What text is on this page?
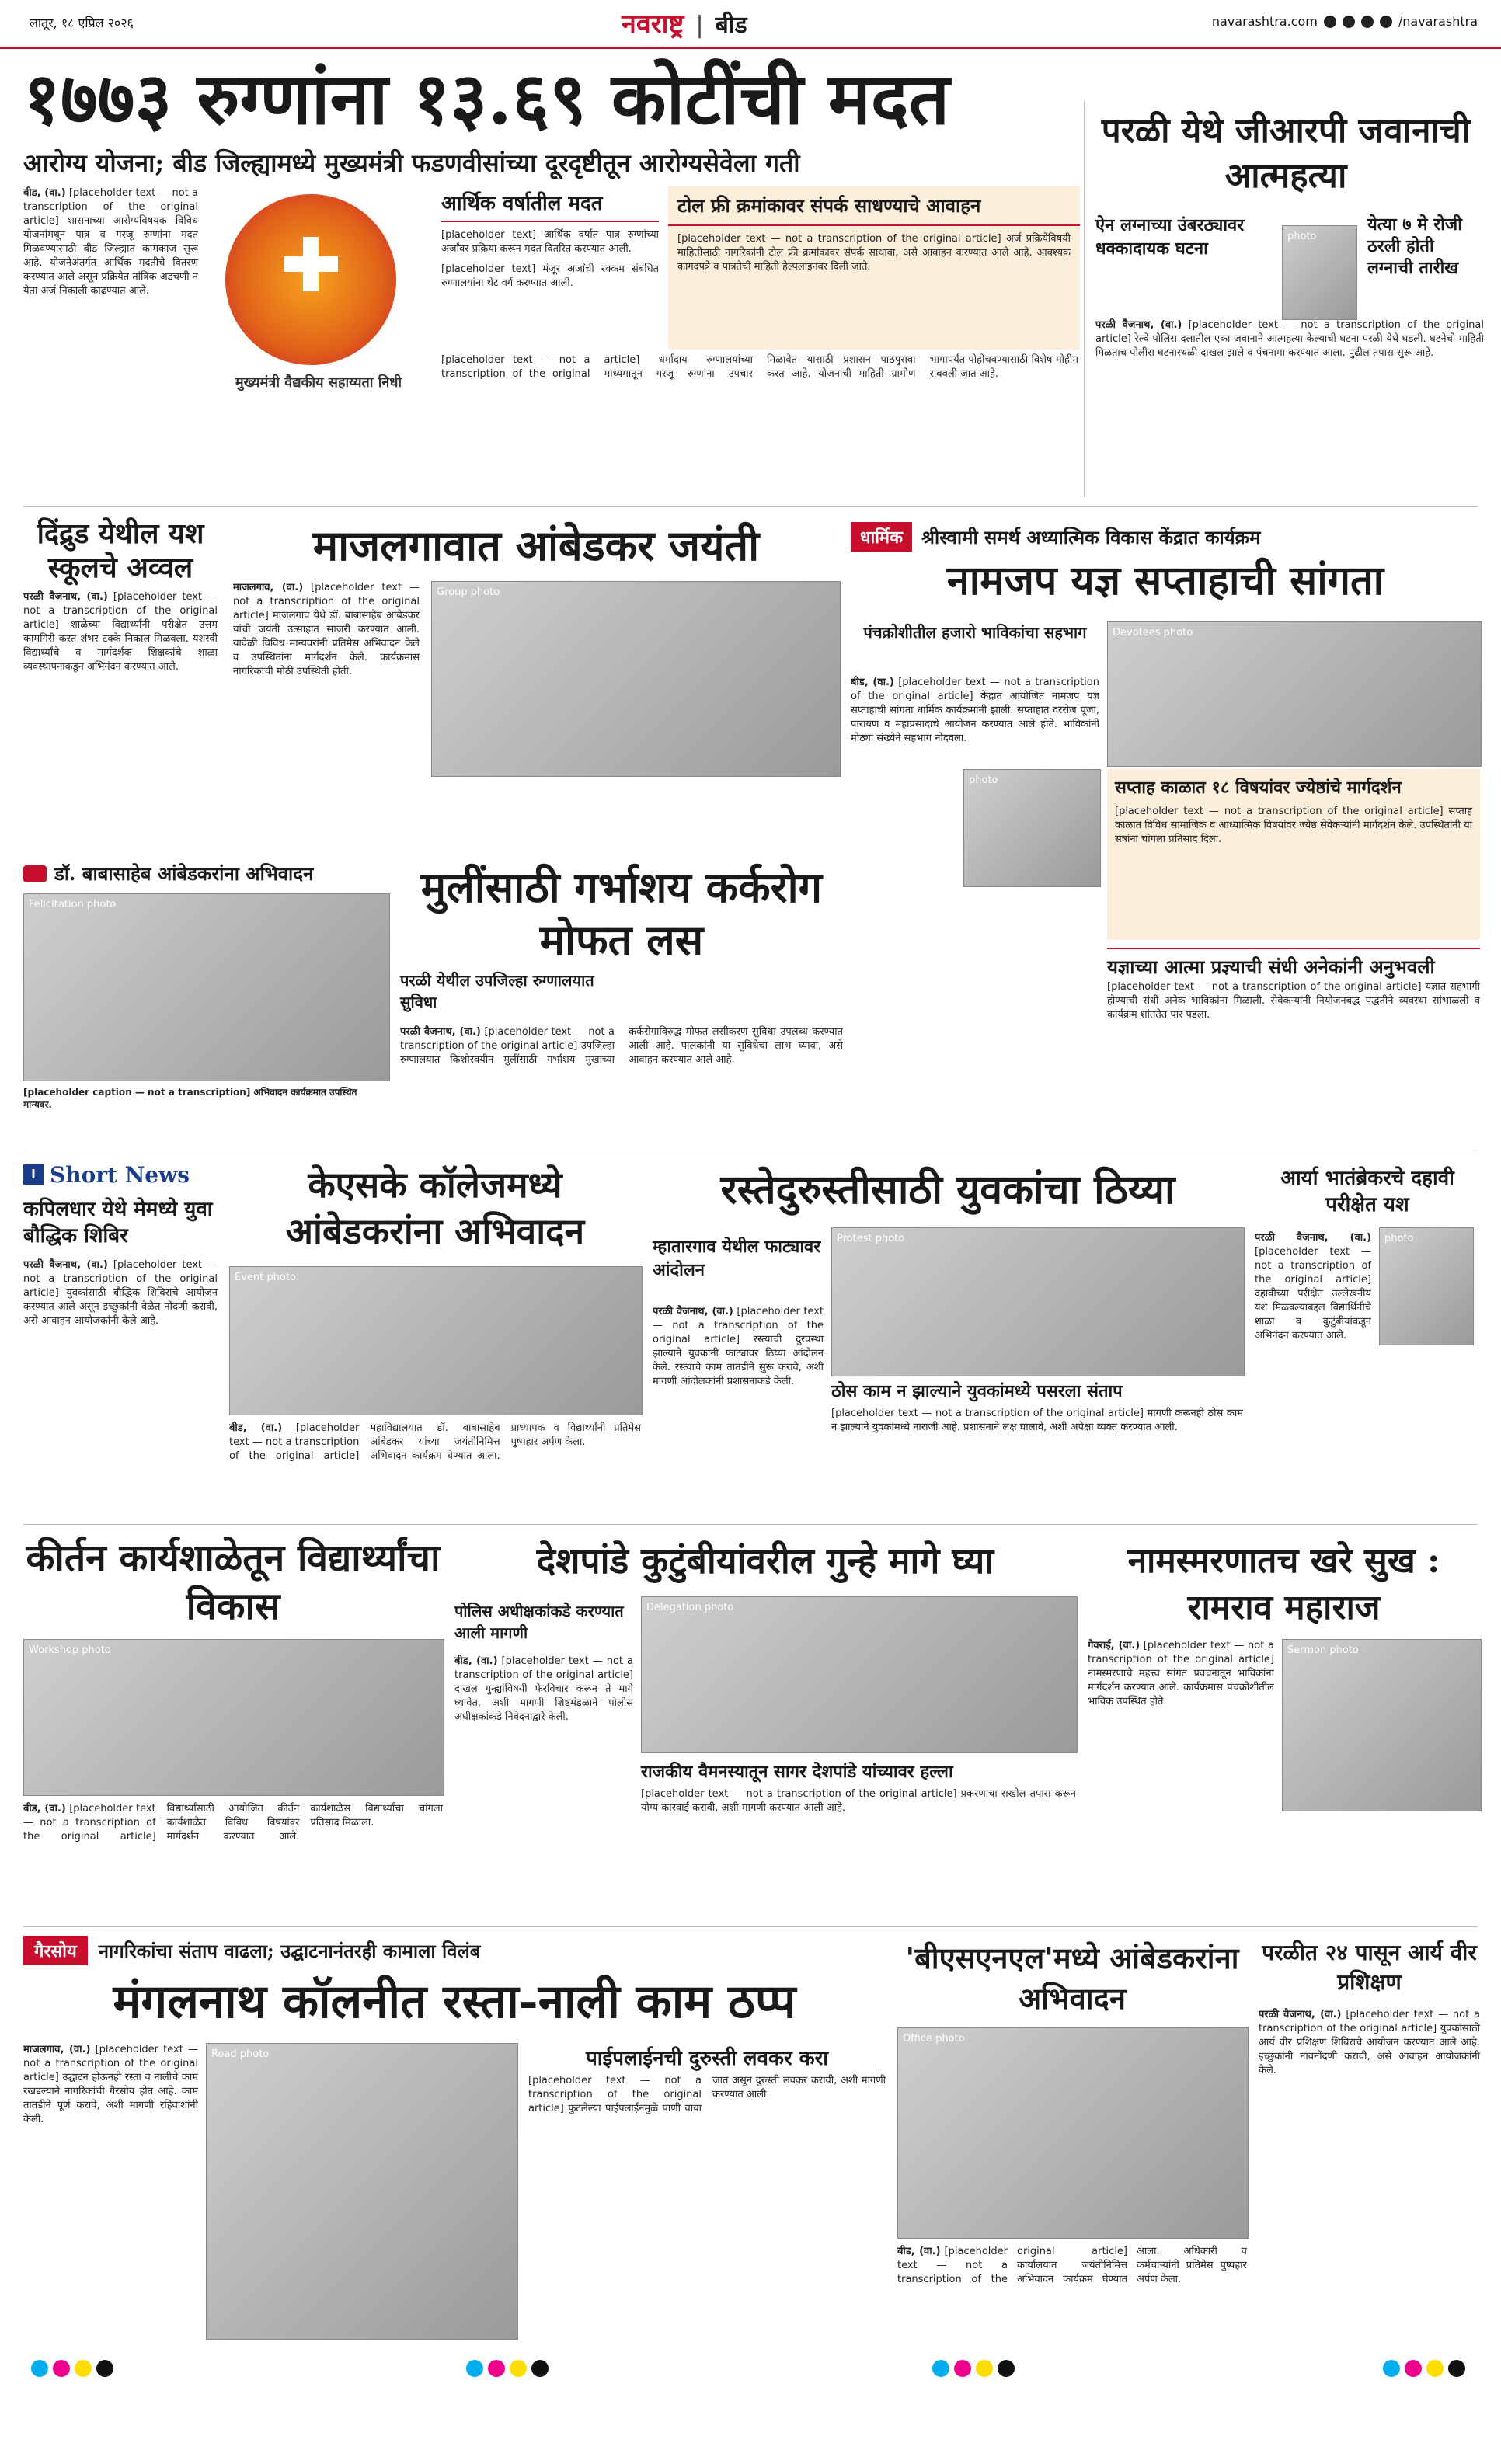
लातूर, १८ एप्रिल २०२६	नवराष्ट्र | बीड	navarashtra.com	/navarashtra
१७७३ रुग्णांना १३.६९ कोटींची मदत
आरोग्य योजना; बीड जिल्ह्यामध्ये मुख्यमंत्री फडणवीसांच्या दूरदृष्टीतून आरोग्यसेवेला गती
बीड, (वा.) [placeholder text — not a transcription of the original article] शासनाच्या आरोग्यविषयक विविध योजनांमधून पात्र व गरजू रुग्णांना मदत मिळवण्यासाठी बीड जिल्ह्यात कामकाज सुरू आहे. योजनेअंतर्गत आर्थिक मदतीचे वितरण करण्यात आले असून प्रक्रियेत तांत्रिक अडचणी न येता अर्ज निकाली काढण्यात आले.
मुख्यमंत्री वैद्यकीय सहाय्यता निधी
आर्थिक वर्षातील मदत
[placeholder text] आर्थिक वर्षात पात्र रुग्णांच्या अर्जांवर प्रक्रिया करून मदत वितरित करण्यात आली.
[placeholder text] मंजूर अर्जांची रक्कम संबंधित रुग्णालयांना थेट वर्ग करण्यात आली.
टोल फ्री क्रमांकावर संपर्क साधण्याचे आवाहन
[placeholder text — not a transcription of the original article] अर्ज प्रक्रियेविषयी माहितीसाठी नागरिकांनी टोल फ्री क्रमांकावर संपर्क साधावा, असे आवाहन करण्यात आले आहे. आवश्यक कागदपत्रे व पात्रतेची माहिती हेल्पलाइनवर दिली जाते.
[placeholder text — not a transcription of the original article] धर्मादाय रुग्णालयांच्या माध्यमातून गरजू रुग्णांना उपचार मिळावेत यासाठी प्रशासन पाठपुरावा करत आहे. योजनांची माहिती ग्रामीण भागापर्यंत पोहोचवण्यासाठी विशेष मोहीम राबवली जात आहे.
परळी येथे जीआरपी जवानाची आत्महत्या
ऐन लग्नाच्या उंबरठ्यावर धक्कादायक घटना
photo
येत्या ७ मे रोजी ठरली होती लग्नाची तारीख
परळी वैजनाथ, (वा.) [placeholder text — not a transcription of the original article] रेल्वे पोलिस दलातील एका जवानाने आत्महत्या केल्याची घटना परळी येथे घडली. घटनेची माहिती मिळताच पोलीस घटनास्थळी दाखल झाले व पंचनामा करण्यात आला. पुढील तपास सुरू आहे.
दिंद्रुड येथील यश स्कूलचे अव्वल
परळी वैजनाथ, (वा.) [placeholder text — not a transcription of the original article] शाळेच्या विद्यार्थ्यांनी परीक्षेत उत्तम कामगिरी करत शंभर टक्के निकाल मिळवला. यशस्वी विद्यार्थ्यांचे व मार्गदर्शक शिक्षकांचे शाळा व्यवस्थापनाकडून अभिनंदन करण्यात आले.
माजलगावात आंबेडकर जयंती
माजलगाव, (वा.) [placeholder text — not a transcription of the original article] माजलगाव येथे डॉ. बाबासाहेब आंबेडकर यांची जयंती उत्साहात साजरी करण्यात आली. यावेळी विविध मान्यवरांनी प्रतिमेस अभिवादन केले व उपस्थितांना मार्गदर्शन केले. कार्यक्रमास नागरिकांची मोठी उपस्थिती होती.
Group photo
धार्मिक	श्रीस्वामी समर्थ अध्यात्मिक विकास केंद्रात कार्यक्रम
नामजप यज्ञ सप्ताहाची सांगता
पंचक्रोशीतील हजारो भाविकांचा सहभाग
बीड, (वा.) [placeholder text — not a transcription of the original article] केंद्रात आयोजित नामजप यज्ञ सप्ताहाची सांगता धार्मिक कार्यक्रमांनी झाली. सप्ताहात दररोज पूजा, पारायण व महाप्रसादाचे आयोजन करण्यात आले होते. भाविकांनी मोठ्या संख्येने सहभाग नोंदवला.
Devotees photo
photo	सप्ताह काळात १८ विषयांवर ज्येष्ठांचे मार्गदर्शन
[placeholder text — not a transcription of the original article] सप्ताह काळात विविध सामाजिक व आध्यात्मिक विषयांवर ज्येष्ठ सेवेकऱ्यांनी मार्गदर्शन केले. उपस्थितांनी या सत्रांना चांगला प्रतिसाद दिला.
यज्ञाच्या आत्मा प्रज्ञ्याची संधी अनेकांनी अनुभवली
[placeholder text — not a transcription of the original article] यज्ञात सहभागी होण्याची संधी अनेक भाविकांना मिळाली. सेवेकऱ्यांनी नियोजनबद्ध पद्धतीने व्यवस्था सांभाळली व कार्यक्रम शांततेत पार पडला.
डॉ. बाबासाहेब आंबेडकरांना अभिवादन
Felicitation photo
[placeholder caption — not a transcription] अभिवादन कार्यक्रमात उपस्थित मान्यवर.
मुलींसाठी गर्भाशय कर्करोग मोफत लस
परळी येथील उपजिल्हा रुग्णालयात सुविधा
परळी वैजनाथ, (वा.) [placeholder text — not a transcription of the original article] उपजिल्हा रुग्णालयात किशोरवयीन मुलींसाठी गर्भाशय मुखाच्या कर्करोगाविरुद्ध मोफत लसीकरण सुविधा उपलब्ध करण्यात आली आहे. पालकांनी या सुविधेचा लाभ घ्यावा, असे आवाहन करण्यात आले आहे.
i Short News
कपिलधार येथे मेमध्ये युवा बौद्धिक शिबिर
परळी वैजनाथ, (वा.) [placeholder text — not a transcription of the original article] युवकांसाठी बौद्धिक शिबिराचे आयोजन करण्यात आले असून इच्छुकांनी वेळेत नोंदणी करावी, असे आवाहन आयोजकांनी केले आहे.
केएसके कॉलेजमध्ये आंबेडकरांना अभिवादन
Event photo
बीड, (वा.) [placeholder text — not a transcription of the original article] महाविद्यालयात डॉ. बाबासाहेब आंबेडकर यांच्या जयंतीनिमित्त अभिवादन कार्यक्रम घेण्यात आला. प्राध्यापक व विद्यार्थ्यांनी प्रतिमेस पुष्पहार अर्पण केला.
रस्तेदुरुस्तीसाठी युवकांचा ठिय्या
म्हातारगाव येथील फाट्यावर आंदोलन
परळी वैजनाथ, (वा.) [placeholder text — not a transcription of the original article] रस्त्याची दुरवस्था झाल्याने युवकांनी फाट्यावर ठिय्या आंदोलन केले. रस्त्याचे काम तातडीने सुरू करावे, अशी मागणी आंदोलकांनी प्रशासनाकडे केली.
Protest photo
ठोस काम न झाल्याने युवकांमध्ये पसरला संताप
[placeholder text — not a transcription of the original article] मागणी करूनही ठोस काम न झाल्याने युवकांमध्ये नाराजी आहे. प्रशासनाने लक्ष घालावे, अशी अपेक्षा व्यक्त करण्यात आली.
आर्या भातंब्रेकरचे दहावी परीक्षेत यश
photo
परळी वैजनाथ, (वा.) [placeholder text — not a transcription of the original article] दहावीच्या परीक्षेत उल्लेखनीय यश मिळवल्याबद्दल विद्यार्थिनीचे शाळा व कुटुंबीयांकडून अभिनंदन करण्यात आले.
कीर्तन कार्यशाळेतून विद्यार्थ्यांचा विकास
Workshop photo
बीड, (वा.) [placeholder text — not a transcription of the original article] विद्यार्थ्यांसाठी आयोजित कीर्तन कार्यशाळेत विविध विषयांवर मार्गदर्शन करण्यात आले. कार्यशाळेस विद्यार्थ्यांचा चांगला प्रतिसाद मिळाला.
देशपांडे कुटुंबीयांवरील गुन्हे मागे घ्या
पोलिस अधीक्षकांकडे करण्यात आली मागणी
बीड, (वा.) [placeholder text — not a transcription of the original article] दाखल गुन्ह्यांविषयी फेरविचार करून ते मागे घ्यावेत, अशी मागणी शिष्टमंडळाने पोलीस अधीक्षकांकडे निवेदनाद्वारे केली.
Delegation photo
राजकीय वैमनस्यातून सागर देशपांडे यांच्यावर हल्ला
[placeholder text — not a transcription of the original article] प्रकरणाचा सखोल तपास करून योग्य कारवाई करावी, अशी मागणी करण्यात आली आहे.
नामस्मरणातच खरे सुख : रामराव महाराज
गेवराई, (वा.) [placeholder text — not a transcription of the original article] नामस्मरणाचे महत्त्व सांगत प्रवचनातून भाविकांना मार्गदर्शन करण्यात आले. कार्यक्रमास पंचक्रोशीतील भाविक उपस्थित होते.
Sermon photo
गैरसोय	नागरिकांचा संताप वाढला; उद्घाटनानंतरही कामाला विलंब
मंगलनाथ कॉलनीत रस्ता-नाली काम ठप्प
माजलगाव, (वा.) [placeholder text — not a transcription of the original article] उद्घाटन होऊनही रस्ता व नालीचे काम रखडल्याने नागरिकांची गैरसोय होत आहे. काम तातडीने पूर्ण करावे, अशी मागणी रहिवाशांनी केली.
Road photo	पाईपलाईनची दुरुस्ती लवकर करा
[placeholder text — not a transcription of the original article] फुटलेल्या पाईपलाईनमुळे पाणी वाया जात असून दुरुस्ती लवकर करावी, अशी मागणी करण्यात आली.
'बीएसएनएल'मध्ये आंबेडकरांना अभिवादन
Office photo
बीड, (वा.) [placeholder text — not a transcription of the original article] कार्यालयात जयंतीनिमित्त अभिवादन कार्यक्रम घेण्यात आला. अधिकारी व कर्मचाऱ्यांनी प्रतिमेस पुष्पहार अर्पण केला.
परळीत २४ पासून आर्य वीर प्रशिक्षण
परळी वैजनाथ, (वा.) [placeholder text — not a transcription of the original article] युवकांसाठी आर्य वीर प्रशिक्षण शिबिराचे आयोजन करण्यात आले आहे. इच्छुकांनी नावनोंदणी करावी, असे आवाहन आयोजकांनी केले.
